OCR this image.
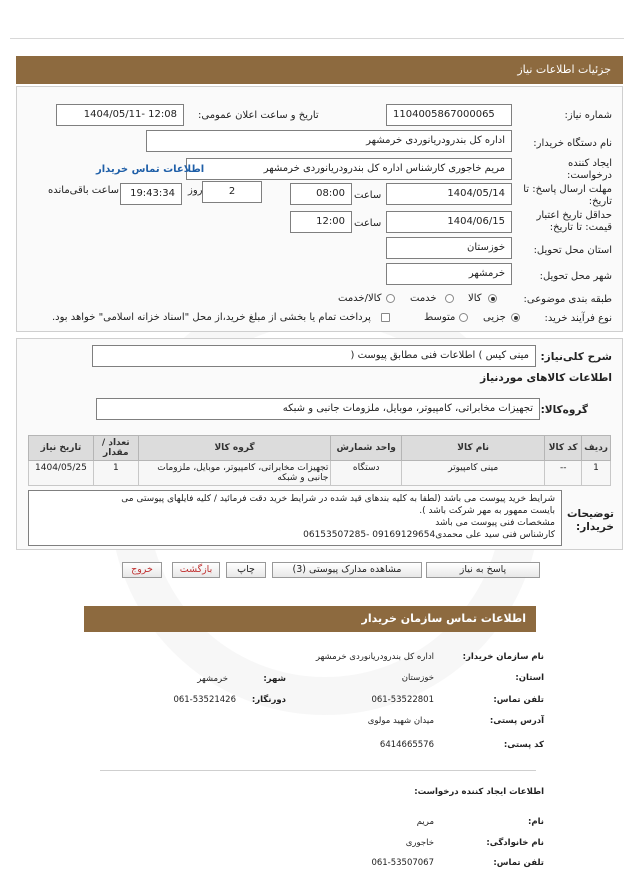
جزئیات اطلاعات نیاز
شماره نیاز:
1104005867000065
تاریخ و ساعت اعلان عمومی:
1404/05/11- 12:08
نام دستگاه خریدار:
اداره کل بندرودریانوردی خرمشهر
ایجاد کننده درخواست:
مریم خاجوری کارشناس اداره کل بندرودریانوردی خرمشهر
اطلاعات تماس خریدار
مهلت ارسال پاسخ: تا تاریخ:
1404/05/14
ساعت
08:00
2
روز
19:43:34
ساعت باقی‌مانده
حداقل تاریخ اعتبار قیمت: تا تاریخ:
1404/06/15
ساعت
12:00
استان محل تحویل:
خوزستان
شهر محل تحویل:
خرمشهر
طبقه بندی موضوعی:
کالا
خدمت
کالا/خدمت
نوع فرآیند خرید:
جزیی
متوسط
پرداخت تمام یا بخشی از مبلغ خرید،از محل "اسناد خزانه اسلامی" خواهد بود.
شرح کلی‌نیاز:
مینی کیس ) اطلاعات فنی مطابق پیوست (
اطلاعات کالاهای موردنیاز
گروه‌کالا:
تجهیزات مخابراتی، کامپیوتر، موبایل، ملزومات جانبی و شبکه
ردیف	کد کالا	نام کالا	واحد شمارش	گروه کالا	تعداد / مقدار	تاریخ نیاز
1	--	مینی کامپیوتر	دستگاه	تجهیزات مخابراتی، کامپیوتر، موبایل، ملزومات جانبی و شبکه	1	1404/05/25
توضیحات خریدار:
شرایط خرید پیوست می باشد (لطفا به کلیه بندهای قید شده در شرایط خرید دقت فرمائید / کلیه فایلهای پیوستی می
بایست ممهور به مهر شرکت باشد ).
مشخصات فنی پیوست می باشد
کارشناس فنی سید علی محمدی09169129654 -06153507285
پاسخ به نیاز
مشاهده مدارک پیوستی (3)
چاپ
بازگشت
خروج
اطلاعات تماس سازمان خریدار
نام سازمان خریدار:
اداره کل بندرودریانوردی خرمشهر
استان:
خوزستان
شهر:
خرمشهر
تلفن تماس:
061-53522801
دورنگار:
061-53521426
آدرس پستی:
میدان شهید مولوی
کد پستی:
6414665576
اطلاعات ایجاد کننده درخواست:
نام:
مریم
نام خانوادگی:
خاجوری
تلفن تماس:
061-53507067
